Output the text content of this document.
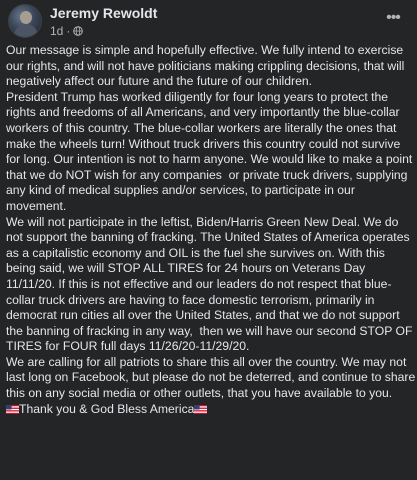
Jeremy Rewoldt
1d ·
•••

Our message is simple and hopefully effective. We fully intend to exercise our rights, and will not have politicians making crippling decisions, that will negatively affect our future and the future of our children.

President Trump has worked diligently for four long years to protect the rights and freedoms of all Americans, and very importantly the blue-collar workers of this country. The blue-collar workers are literally the ones that make the wheels turn! Without truck drivers this country could not survive for long. Our intention is not to harm anyone. We would like to make a point that we do NOT wish for any companies  or private truck drivers, supplying any kind of medical supplies and/or services, to participate in our movement.

We will not participate in the leftist, Biden/Harris Green New Deal. We do not support the banning of fracking. The United States of America operates as a capitalistic economy and OIL is the fuel she survives on. With this being said, we will STOP ALL TIRES for 24 hours on Veterans Day 11/11/20. If this is not effective and our leaders do not respect that blue-collar truck drivers are having to face domestic terrorism, primarily in democrat run cities all over the United States, and that we do not support the banning of fracking in any way,  then we will have our second STOP OF TIRES for FOUR full days 11/26/20-11/29/20.

We are calling for all patriots to share this all over the country. We may not last long on Facebook, but please do not be deterred, and continue to share this on any social media or other outlets, that you have available to you.

Thank you & God Bless America
